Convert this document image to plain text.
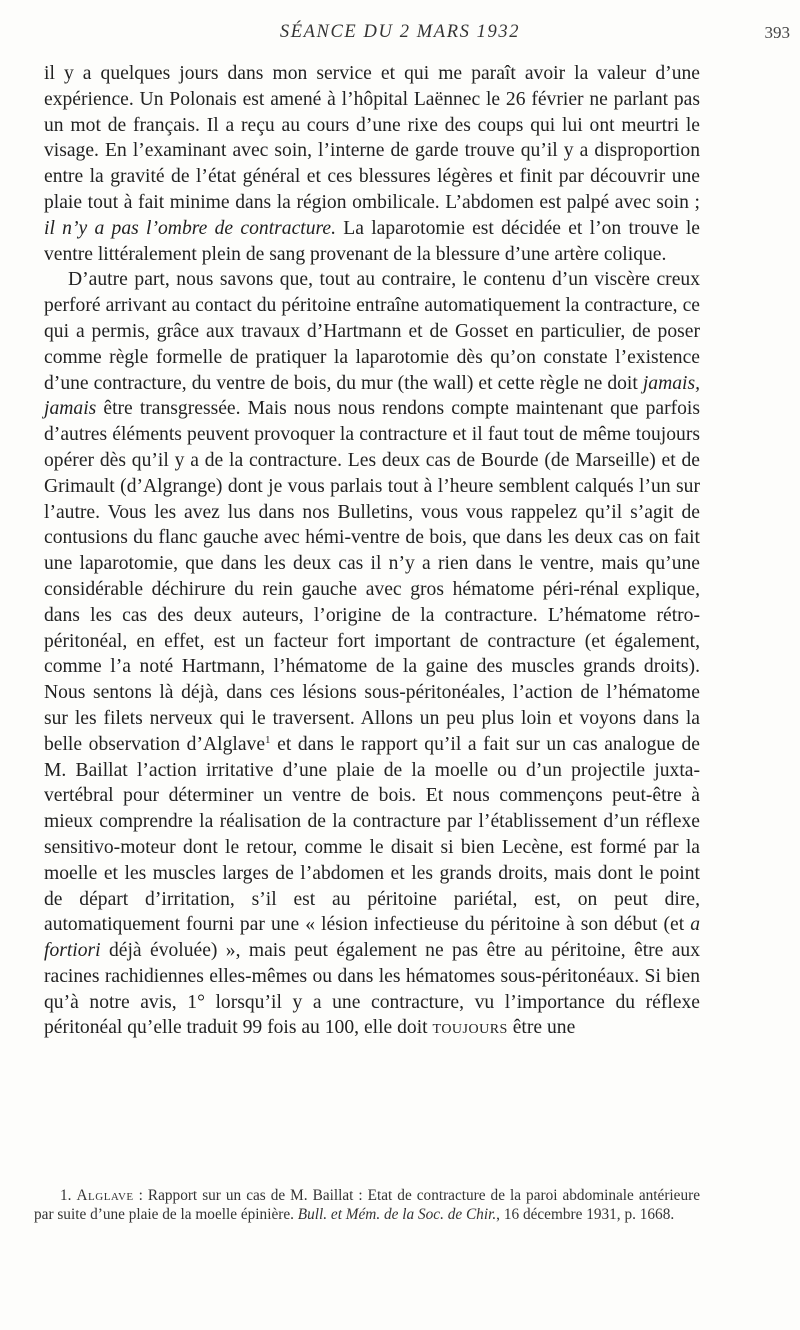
SÉANCE DU 2 MARS 1932	393

il y a quelques jours dans mon service et qui me paraît avoir la valeur d’une expérience. Un Polonais est amené à l’hôpital Laënnec le 26 février ne parlant pas un mot de français. Il a reçu au cours d’une rixe des coups qui lui ont meurtri le visage. En l’examinant avec soin, l’interne de garde trouve qu’il y a disproportion entre la gravité de l’état général et ces blessures légères et finit par découvrir une plaie tout à fait minime dans la région ombilicale. L’abdomen est palpé avec soin ; il n’y a pas l’ombre de contracture. La laparotomie est décidée et l’on trouve le ventre littéralement plein de sang provenant de la blessure d’une artère colique.

D’autre part, nous savons que, tout au contraire, le contenu d’un viscère creux perforé arrivant au contact du péritoine entraîne automatiquement la contracture, ce qui a permis, grâce aux travaux d’Hartmann et de Gosset en particulier, de poser comme règle formelle de pratiquer la laparotomie dès qu’on constate l’existence d’une contracture, du ventre de bois, du mur (the wall) et cette règle ne doit jamais, jamais être transgressée. Mais nous nous rendons compte maintenant que parfois d’autres éléments peuvent provoquer la contracture et il faut tout de même toujours opérer dès qu’il y a de la contracture. Les deux cas de Bourde (de Marseille) et de Grimault (d’Algrange) dont je vous parlais tout à l’heure semblent calqués l’un sur l’autre. Vous les avez lus dans nos Bulletins, vous vous rappelez qu’il s’agit de contusions du flanc gauche avec hémi-ventre de bois, que dans les deux cas on fait une laparotomie, que dans les deux cas il n’y a rien dans le ventre, mais qu’une considérable déchirure du rein gauche avec gros hématome péri-rénal explique, dans les cas des deux auteurs, l’origine de la contracture. L’hématome rétro-péritonéal, en effet, est un facteur fort important de contracture (et également, comme l’a noté Hartmann, l’hématome de la gaine des muscles grands droits). Nous sentons là déjà, dans ces lésions sous-péritonéales, l’action de l’hématome sur les filets nerveux qui le traversent. Allons un peu plus loin et voyons dans la belle observation d’Alglave$^1$ et dans le rapport qu’il a fait sur un cas analogue de M. Baillat l’action irritative d’une plaie de la moelle ou d’un projectile juxta-vertébral pour déterminer un ventre de bois. Et nous commençons peut-être à mieux comprendre la réalisation de la contracture par l’établissement d’un réflexe sensitivo-moteur dont le retour, comme le disait si bien Lecène, est formé par la moelle et les muscles larges de l’abdomen et les grands droits, mais dont le point de départ d’irritation, s’il est au péritoine pariétal, est, on peut dire, automatiquement fourni par une « lésion infectieuse du péritoine à son début (et a fortiori déjà évoluée) », mais peut également ne pas être au péritoine, être aux racines rachidiennes elles-mêmes ou dans les hématomes sous-péritonéaux. Si bien qu’à notre avis, 1° lorsqu’il y a une contracture, vu l’importance du réflexe péritonéal qu’elle traduit 99 fois au 100, elle doit toujours être une

1. Alglave : Rapport sur un cas de M. Baillat : Etat de contracture de la paroi abdominale antérieure par suite d’une plaie de la moelle épinière. Bull. et Mém. de la Soc. de Chir., 16 décembre 1931, p. 1668.
